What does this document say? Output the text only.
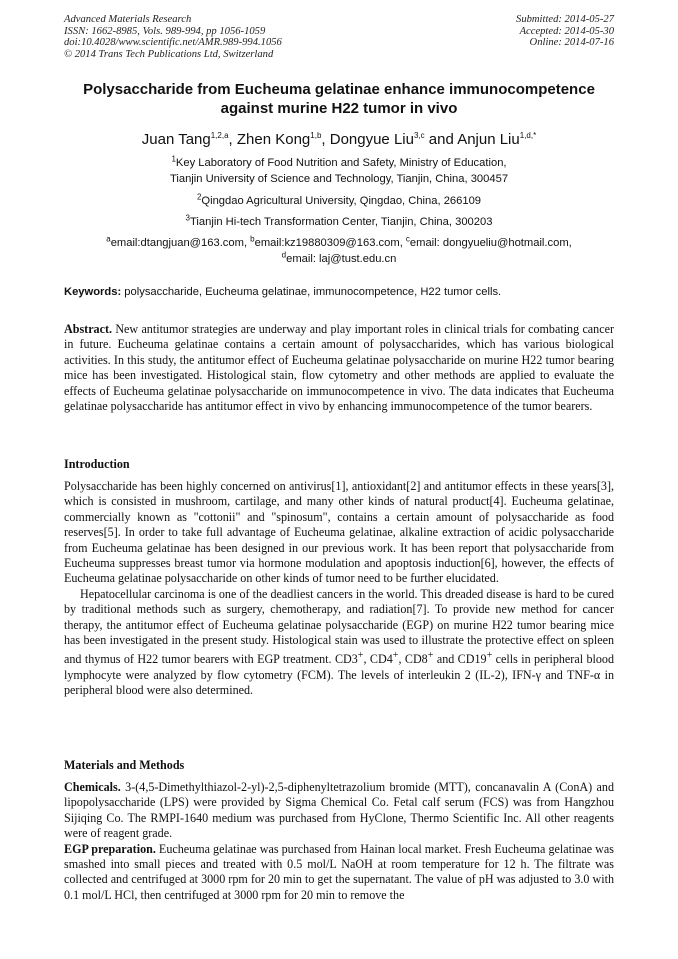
Advanced Materials Research
ISSN: 1662-8985, Vols. 989-994, pp 1056-1059
doi:10.4028/www.scientific.net/AMR.989-994.1056
© 2014 Trans Tech Publications Ltd, Switzerland
Submitted: 2014-05-27
Accepted: 2014-05-30
Online: 2014-07-16
Polysaccharide from Eucheuma gelatinae enhance immunocompetence
against murine H22 tumor in vivo
Juan Tang$^{1,2,a}$, Zhen Kong$^{1,b}$, Dongyue Liu$^{3,c}$ and Anjun Liu$^{1,d,*}$
$^1$Key Laboratory of Food Nutrition and Safety, Ministry of Education,
Tianjin University of Science and Technology, Tianjin, China, 300457
$^2$Qingdao Agricultural University, Qingdao, China, 266109
$^3$Tianjin Hi-tech Transformation Center, Tianjin, China, 300203
$^a$email:dtangjuan@163.com, $^b$email:kz19880309@163.com, $^c$email: dongyueliu@hotmail.com,
$^d$email: laj@tust.edu.cn
Keywords: polysaccharide, Eucheuma gelatinae, immunocompetence, H22 tumor cells.

Abstract. New antitumor strategies are underway and play important roles in clinical trials for combating cancer in future. Eucheuma gelatinae contains a certain amount of polysaccharides, which has various biological activities. In this study, the antitumor effect of Eucheuma gelatinae polysaccharide on murine H22 tumor bearing mice has been investigated. Histological stain, flow cytometry and other methods are applied to evaluate the effects of Eucheuma gelatinae polysaccharide on immunocompetence in vivo. The data indicates that Eucheuma gelatinae polysaccharide has antitumor effect in vivo by enhancing immunocompetence of the tumor bearers.

Introduction

Polysaccharide has been highly concerned on antivirus[1], antioxidant[2] and antitumor effects in these years[3], which is consisted in mushroom, cartilage, and many other kinds of natural product[4]. Eucheuma gelatinae, commercially known as "cottonii" and "spinosum", contains a certain amount of polysaccharide as food reserves[5]. In order to take full advantage of Eucheuma gelatinae, alkaline extraction of acidic polysaccharide from Eucheuma gelatinae has been designed in our previous work. It has been report that polysaccharide from Eucheuma suppresses breast tumor via hormone modulation and apoptosis induction[6], however, the effects of Eucheuma gelatinae polysaccharide on other kinds of tumor need to be further elucidated.

Hepatocellular carcinoma is one of the deadliest cancers in the world. This dreaded disease is hard to be cured by traditional methods such as surgery, chemotherapy, and radiation[7]. To provide new method for cancer therapy, the antitumor effect of Eucheuma gelatinae polysaccharide (EGP) on murine H22 tumor bearing mice has been investigated in the present study. Histological stain was used to illustrate the protective effect on spleen and thymus of H22 tumor bearers with EGP treatment. CD3+, CD4+, CD8+ and CD19+ cells in peripheral blood lymphocyte were analyzed by flow cytometry (FCM). The levels of interleukin 2 (IL-2), IFN-γ and TNF-α in peripheral blood were also determined.

Materials and Methods

Chemicals. 3-(4,5-Dimethylthiazol-2-yl)-2,5-diphenyltetrazolium bromide (MTT), concanavalin A (ConA) and lipopolysaccharide (LPS) were provided by Sigma Chemical Co. Fetal calf serum (FCS) was from Hangzhou Sijiqing Co. The RMPI-1640 medium was purchased from HyClone, Thermo Scientific Inc. All other reagents were of reagent grade.

EGP preparation. Eucheuma gelatinae was purchased from Hainan local market. Fresh Eucheuma gelatinae was smashed into small pieces and treated with 0.5 mol/L NaOH at room temperature for 12 h. The filtrate was collected and centrifuged at 3000 rpm for 20 min to get the supernatant. The value of pH was adjusted to 3.0 with 0.1 mol/L HCl, then centrifuged at 3000 rpm for 20 min to remove the
